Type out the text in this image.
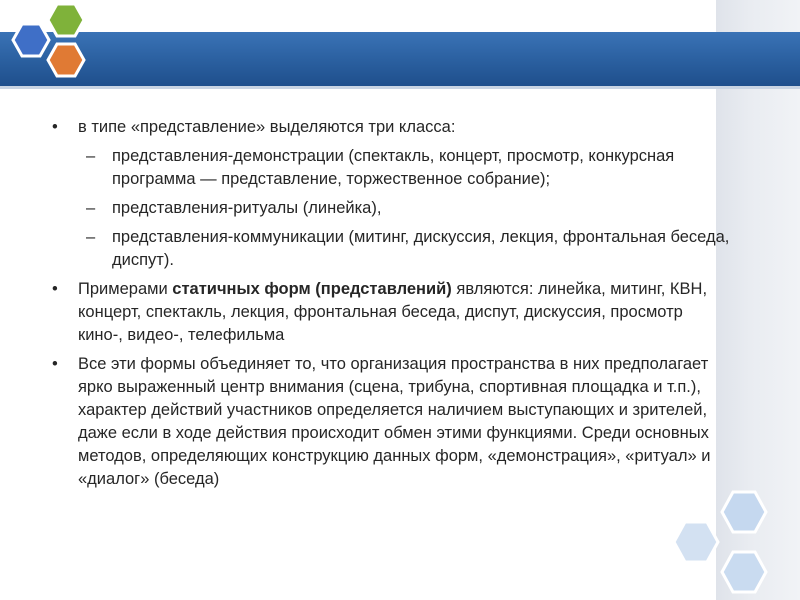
• в типе «представление» выделяются три класса:

– представления-демонстрации (спектакль, концерт, просмотр, конкурсная программа — представление, торжественное собрание);

– представления-ритуалы (линейка),

– представления-коммуникации (митинг, дискуссия, лекция, фронтальная беседа, диспут).

• Примерами статичных форм (представлений) являются: линейка, митинг, КВН, концерт, спектакль, лекция, фронтальная беседа, диспут, дискуссия, просмотр кино-, видео-, телефильма

• Все эти формы объединяет то, что организация пространства в них предполагает ярко выраженный центр внимания (сцена, трибуна, спортивная площадка и т.п.), характер действий участников определяется наличием выступающих и зрителей, даже если в ходе действия происходит обмен этими функциями. Среди основных методов, определяющих конструкцию данных форм, «демонстрация», «ритуал» и «диалог» (беседа)
